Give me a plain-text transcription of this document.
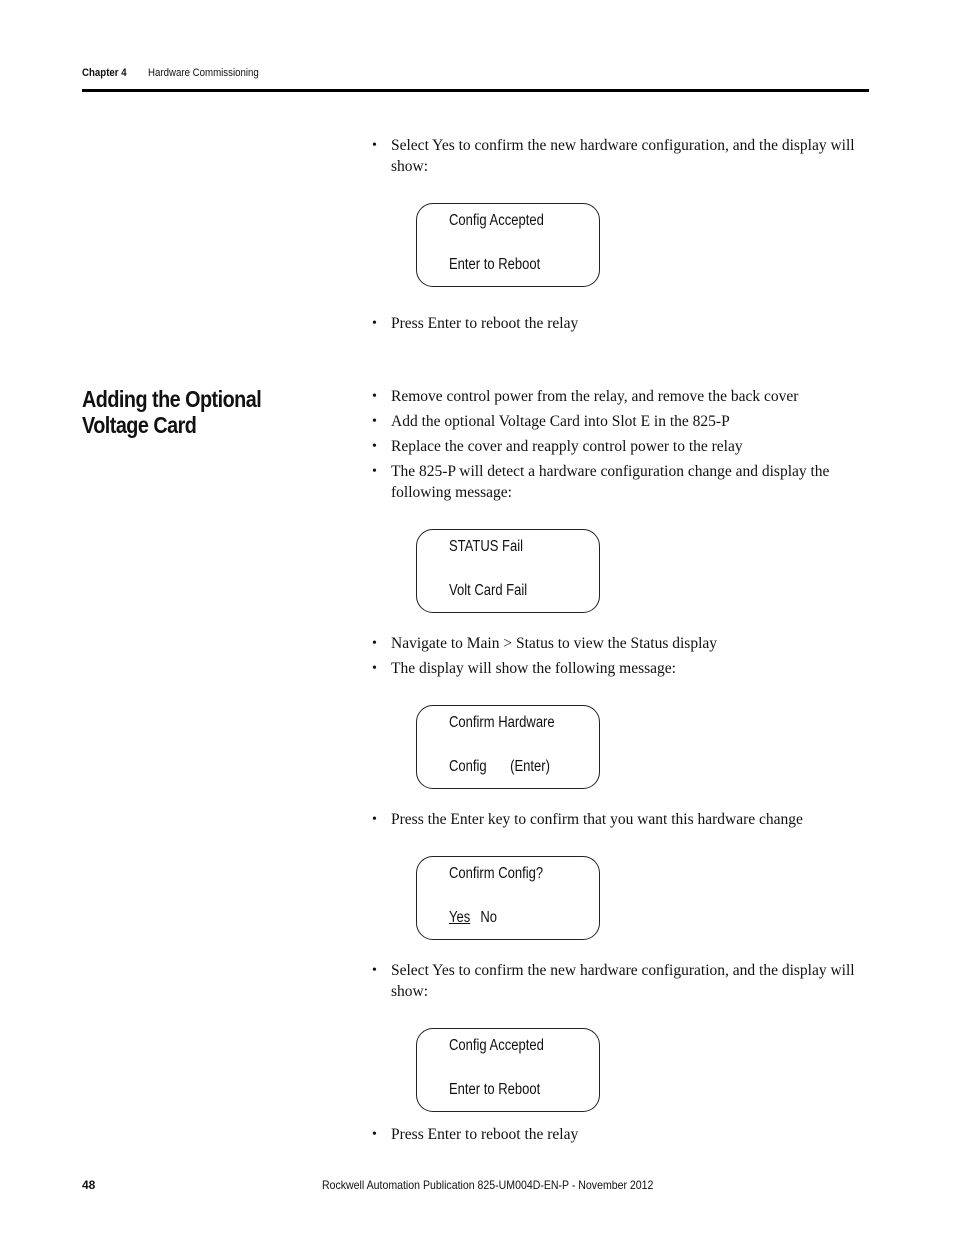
Chapter 4 Hardware Commissioning
Adding the Optional
Voltage Card
• Select Yes to confirm the new hardware configuration, and the display will show:
Config Accepted
Enter to Reboot
• Press Enter to reboot the relay
• Remove control power from the relay, and remove the back cover
• Add the optional Voltage Card into Slot E in the 825-P
• Replace the cover and reapply control power to the relay
• The 825-P will detect a hardware configuration change and display the following message:
STATUS Fail
Volt Card Fail
• Navigate to Main > Status to view the Status display
• The display will show the following message:
Confirm Hardware
Config (Enter)
• Press the Enter key to confirm that you want this hardware change
Confirm Config?
Yes No
• Select Yes to confirm the new hardware configuration, and the display will show:
Config Accepted
Enter to Reboot
• Press Enter to reboot the relay
48	Rockwell Automation Publication 825-UM004D-EN-P - November 2012
